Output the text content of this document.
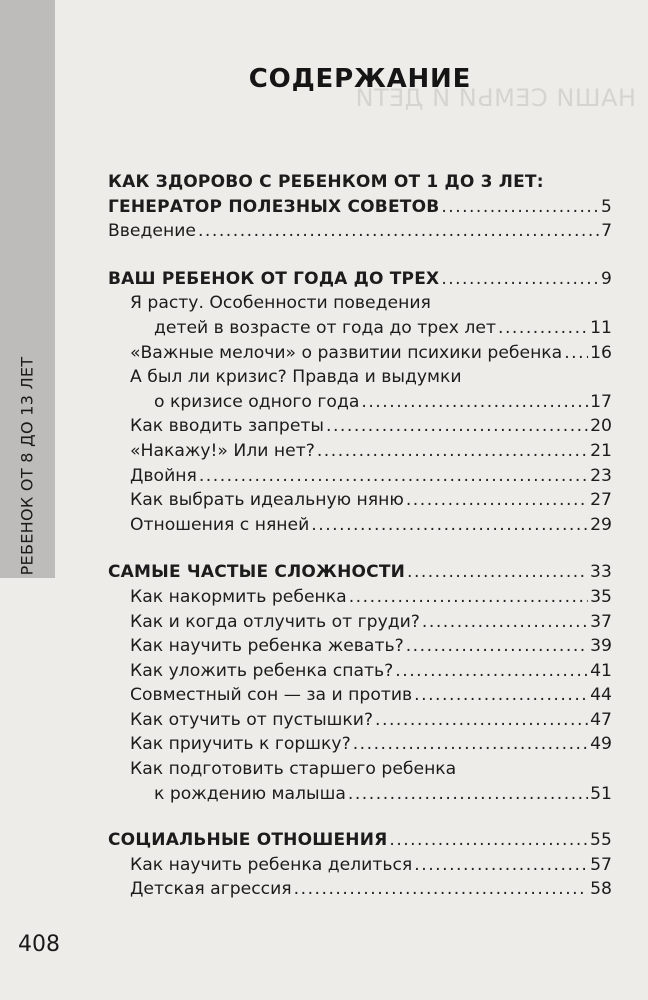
РЕБЕНОК ОТ 8 ДО 13 ЛЕТ
НАШИ СЕМЬИ И ДЕТИ
СОДЕРЖАНИЕ
КАК ЗДОРОВО С РЕБЕНКОМ ОТ 1 ДО 3 ЛЕТ:
ГЕНЕРАТОР ПОЛЕЗНЫХ СОВЕТОВ .....	5
Введение .....	7
ВАШ РЕБЕНОК ОТ ГОДА ДО ТРЕХ .....	9
Я расту. Особенности поведения
детей в возрасте от года до трех лет .....	11
«Важные мелочи» о развитии психики ребенка ..... 16
А был ли кризис? Правда и выдумки
о кризисе одного года .....	17
Как вводить запреты .....	20
«Накажу!» Или нет? .....	21
Двойня .....	23
Как выбрать идеальную няню .....	27
Отношения с няней .....	29
САМЫЕ ЧАСТЫЕ СЛОЖНОСТИ .....	33
Как накормить ребенка .....	35
Как и когда отлучить от груди? .....	37
Как научить ребенка жевать? .....	39
Как уложить ребенка спать? .....	41
Совместный сон — за и против .....	44
Как отучить от пустышки? .....	47
Как приучить к горшку? .....	49
Как подготовить старшего ребенка
к рождению малыша .....	51
СОЦИАЛЬНЫЕ ОТНОШЕНИЯ .....	55
Как научить ребенка делиться .....	57
Детская агрессия .....	58
408
